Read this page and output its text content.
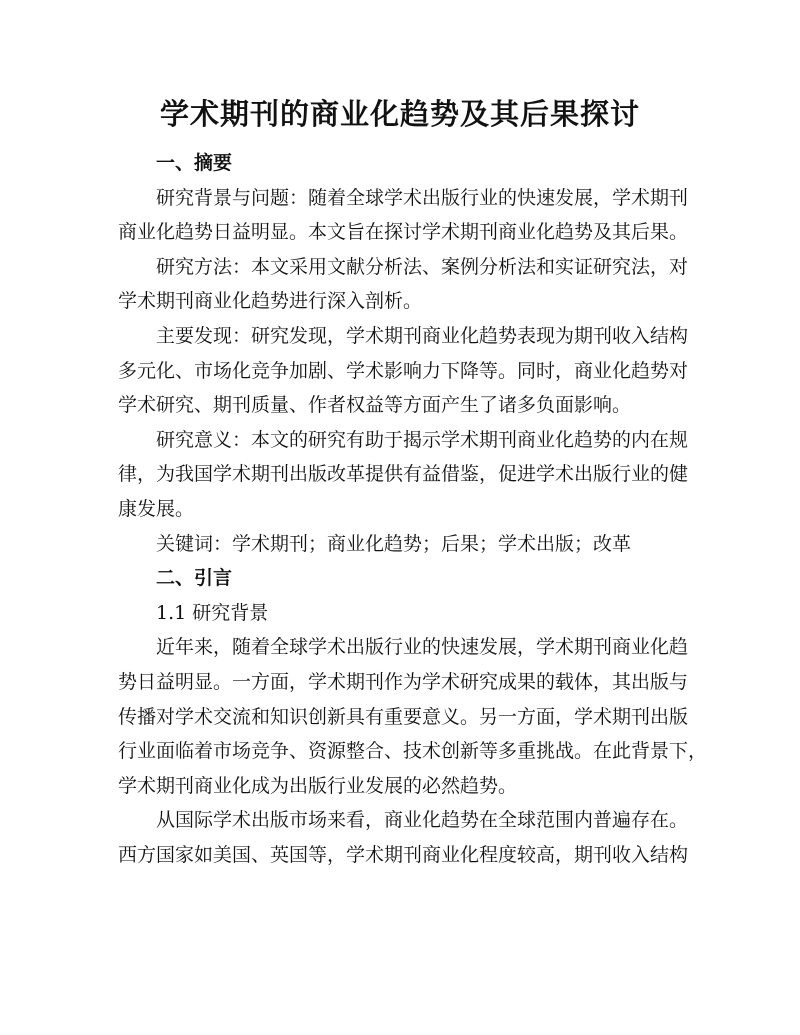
学术期刊的商业化趋势及其后果探讨
一、摘要
研究背景与问题：随着全球学术出版行业的快速发展，学术期刊
商业化趋势日益明显。本文旨在探讨学术期刊商业化趋势及其后果。
研究方法：本文采用文献分析法、案例分析法和实证研究法，对
学术期刊商业化趋势进行深入剖析。
主要发现：研究发现，学术期刊商业化趋势表现为期刊收入结构
多元化、市场化竞争加剧、学术影响力下降等。同时，商业化趋势对
学术研究、期刊质量、作者权益等方面产生了诸多负面影响。
研究意义：本文的研究有助于揭示学术期刊商业化趋势的内在规
律，为我国学术期刊出版改革提供有益借鉴，促进学术出版行业的健
康发展。
关键词：学术期刊；商业化趋势；后果；学术出版；改革
二、引言
1.1 研究背景
近年来，随着全球学术出版行业的快速发展，学术期刊商业化趋
势日益明显。一方面，学术期刊作为学术研究成果的载体，其出版与
传播对学术交流和知识创新具有重要意义。另一方面，学术期刊出版
行业面临着市场竞争、资源整合、技术创新等多重挑战。在此背景下，
学术期刊商业化成为出版行业发展的必然趋势。
从国际学术出版市场来看，商业化趋势在全球范围内普遍存在。
西方国家如美国、英国等，学术期刊商业化程度较高，期刊收入结构
